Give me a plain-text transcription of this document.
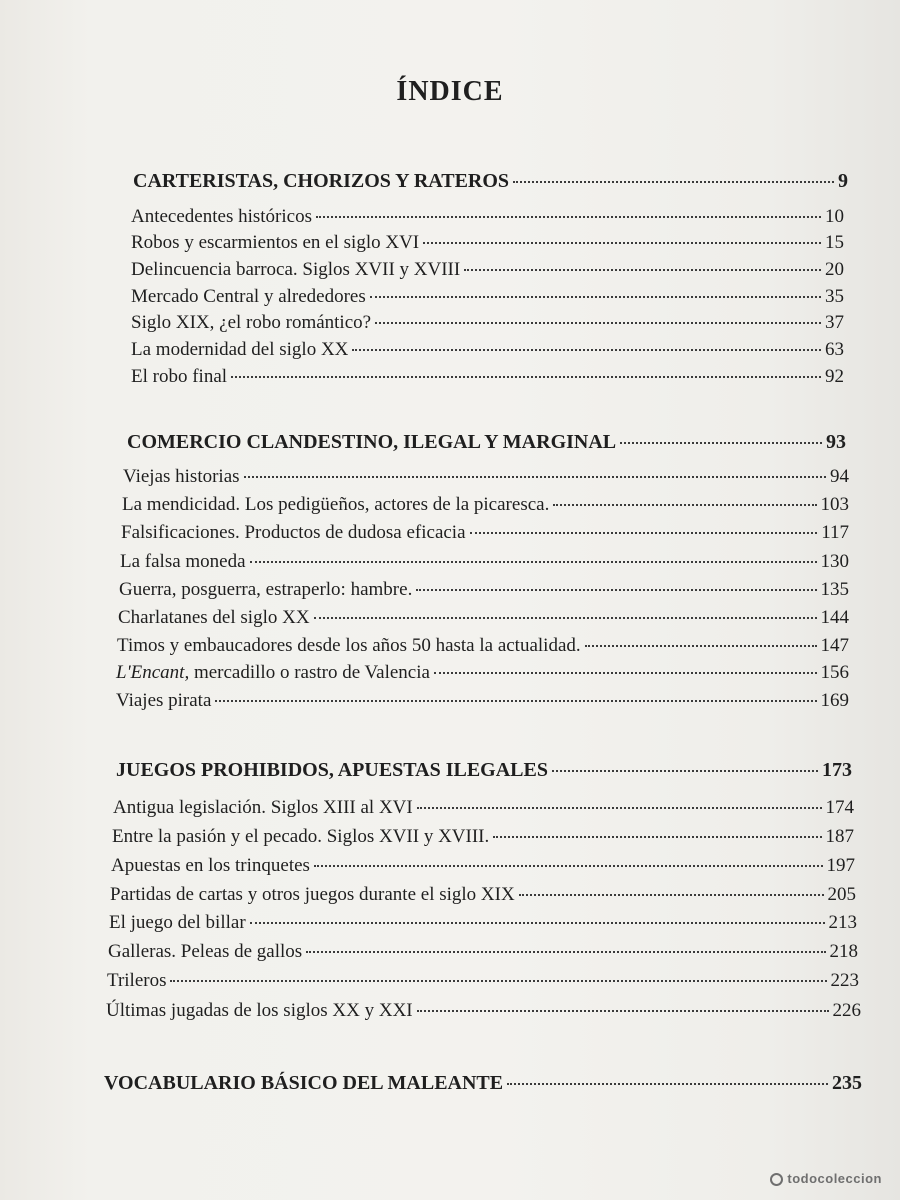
ÍNDICE
CARTERISTAS, CHORIZOS Y RATEROS	9
Antecedentes históricos	10
Robos y escarmientos en el siglo XVI	15
Delincuencia barroca. Siglos XVII y XVIII	20
Mercado Central y alrededores	35
Siglo XIX, ¿el robo romántico?	37
La modernidad del siglo XX	63
El robo final	92
COMERCIO CLANDESTINO, ILEGAL Y MARGINAL	93
Viejas historias	94
La mendicidad. Los pedigüeños, actores de la picaresca.	103
Falsificaciones. Productos de dudosa eficacia	117
La falsa moneda	130
Guerra, posguerra, estraperlo: hambre.	135
Charlatanes del siglo XX	144
Timos y embaucadores desde los años 50 hasta la actualidad.	147
L'Encant, mercadillo o rastro de Valencia	156
Viajes pirata	169
JUEGOS PROHIBIDOS, APUESTAS ILEGALES	173
Antigua legislación. Siglos XIII al XVI	174
Entre la pasión y el pecado. Siglos XVII y XVIII.	187
Apuestas en los trinquetes	197
Partidas de cartas y otros juegos durante el siglo XIX	205
El juego del billar	213
Galleras. Peleas de gallos	218
Trileros	223
Últimas jugadas de los siglos XX y XXI	226
VOCABULARIO BÁSICO DEL MALEANTE	235
todocoleccion
